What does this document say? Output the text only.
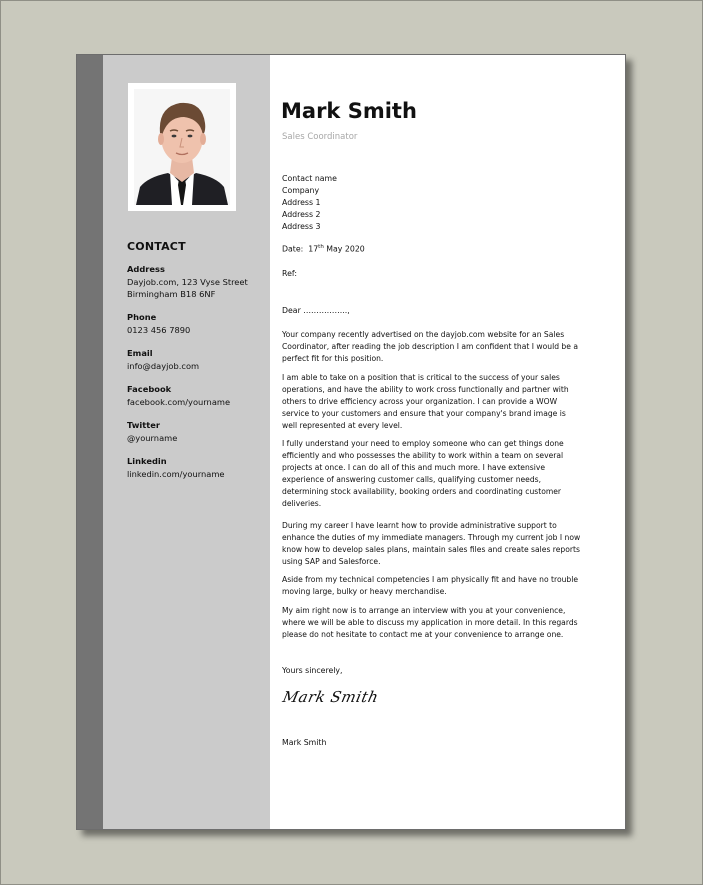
CONTACT
Address
Dayjob.com, 123 Vyse Street
Birmingham B18 6NF
Phone
0123 456 7890
Email
info@dayjob.com
Facebook
facebook.com/yourname
Twitter
@yourname
Linkedin
linkedin.com/yourname
Mark Smith
Sales Coordinator
Contact name
Company
Address 1
Address 2
Address 3
Date: 17th May 2020
Ref:
Dear ……………..,
Your company recently advertised on the dayjob.com website for an Sales Coordinator, after reading the job description I am confident that I would be a perfect fit for this position.
I am able to take on a position that is critical to the success of your sales operations, and have the ability to work cross functionally and partner with others to drive efficiency across your organization. I can provide a WOW service to your customers and ensure that your company's brand image is well represented at every level.
I fully understand your need to employ someone who can get things done efficiently and who possesses the ability to work within a team on several projects at once. I can do all of this and much more. I have extensive experience of answering customer calls, qualifying customer needs, determining stock availability, booking orders and coordinating customer deliveries.
During my career I have learnt how to provide administrative support to enhance the duties of my immediate managers. Through my current job I now know how to develop sales plans, maintain sales files and create sales reports using SAP and Salesforce.
Aside from my technical competencies I am physically fit and have no trouble moving large, bulky or heavy merchandise.
My aim right now is to arrange an interview with you at your convenience, where we will be able to discuss my application in more detail. In this regards please do not hesitate to contact me at your convenience to arrange one.
Yours sincerely,
Mark Smith
Mark Smith
